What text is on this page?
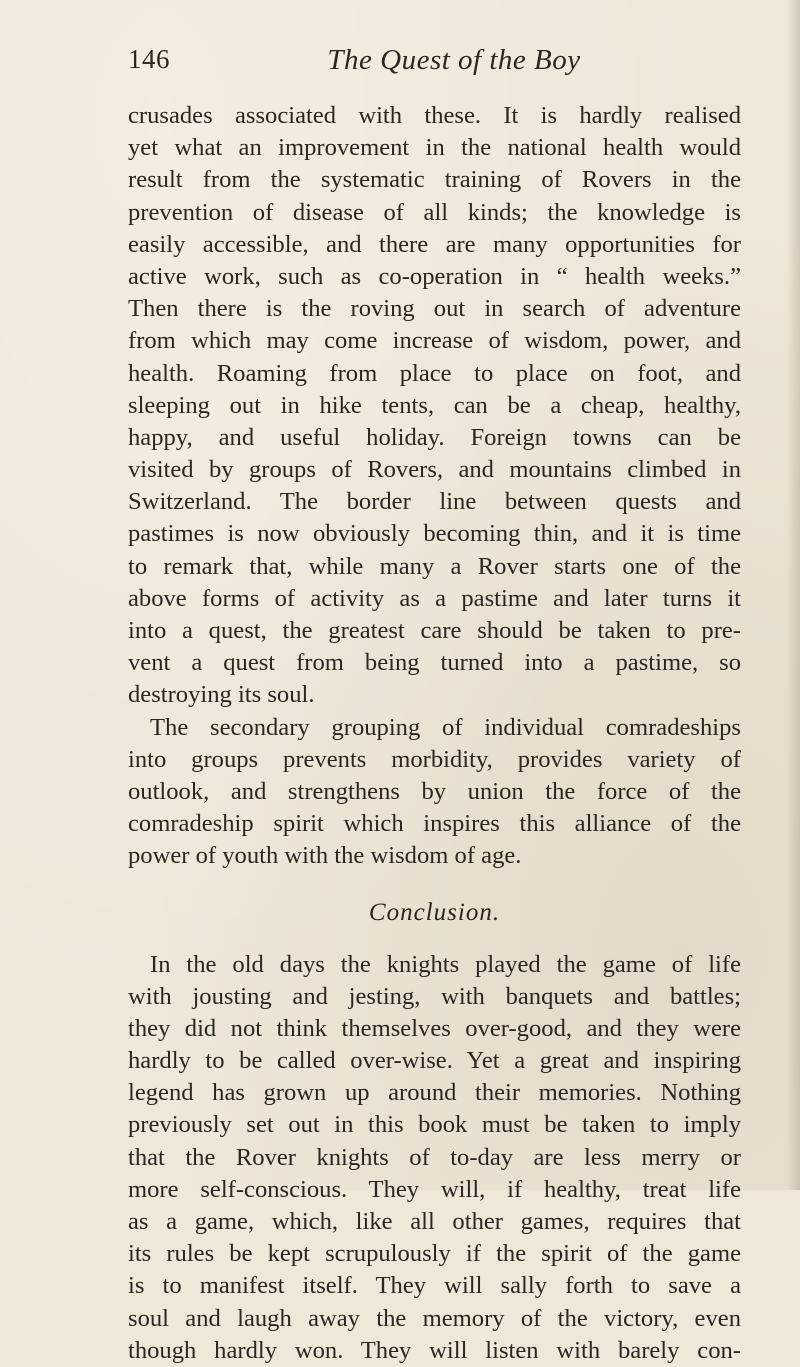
146	The Quest of the Boy
crusades associated with these. It is hardly realised
yet what an improvement in the national health would
result from the systematic training of Rovers in the
prevention of disease of all kinds; the knowledge is
easily accessible, and there are many opportunities for
active work, such as co-operation in “ health weeks.”
Then there is the roving out in search of adventure
from which may come increase of wisdom, power, and
health. Roaming from place to place on foot, and
sleeping out in hike tents, can be a cheap, healthy,
happy, and useful holiday. Foreign towns can be
visited by groups of Rovers, and mountains climbed in
Switzerland. The border line between quests and
pastimes is now obviously becoming thin, and it is time
to remark that, while many a Rover starts one of the
above forms of activity as a pastime and later turns it
into a quest, the greatest care should be taken to pre-
vent a quest from being turned into a pastime, so
destroying its soul.
The secondary grouping of individual comradeships
into groups prevents morbidity, provides variety of
outlook, and strengthens by union the force of the
comradeship spirit which inspires this alliance of the
power of youth with the wisdom of age.
Conclusion.
In the old days the knights played the game of life
with jousting and jesting, with banquets and battles;
they did not think themselves over-good, and they were
hardly to be called over-wise. Yet a great and inspiring
legend has grown up around their memories. Nothing
previously set out in this book must be taken to imply
that the Rover knights of to-day are less merry or
more self-conscious. They will, if healthy, treat life
as a game, which, like all other games, requires that
its rules be kept scrupulously if the spirit of the game
is to manifest itself. They will sally forth to save a
soul and laugh away the memory of the victory, even
though hardly won. They will listen with barely con-
